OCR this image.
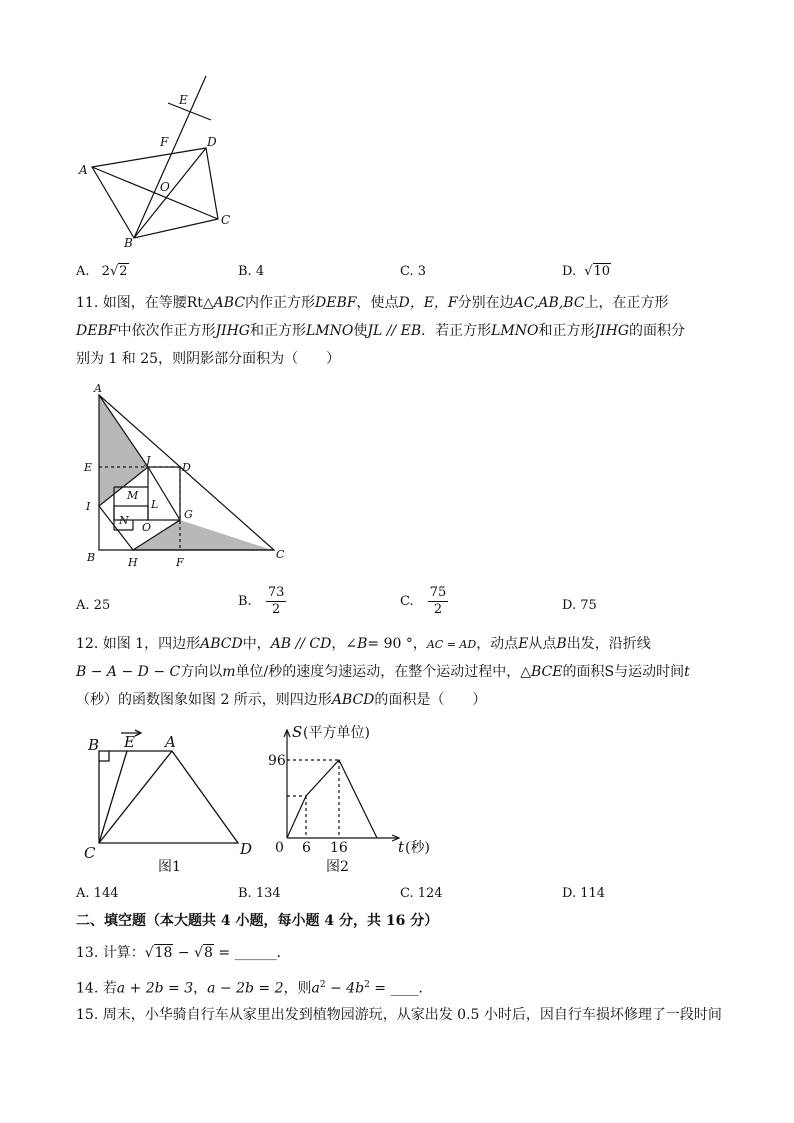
E
F	D
A
O
C
B
A. 2√2	B. 4	C. 3	D. √10
11. 如图，在等腰Rt△ABC内作正方形DEBF，使点D，E，F分别在边AC,AB,BC上，在正方形
DEBF中依次作正方形JIHG和正方形LMNO使JL // EB．若正方形LMNO和正方形JIHG的面积分
别为 1 和 25，则阴影部分面积为（　　）
A
E
J
D
I
M
L
N
O
G
B	H	F
C
A. 25	B. $\frac{73}{2}$	C. $\frac{75}{2}$	D. 75
12. 如图 1，四边形ABCD中，AB // CD，∠B= 90 °，AC = AD，动点E从点B出发，沿折线
B − A − D − C方向以m单位/秒的速度匀速运动，在整个运动过程中，△BCE的面积S与运动时间t
（秒）的函数图象如图 2 所示，则四边形ABCD的面积是（　　）
B E A
C	D
图1
S (平方单位)
96
0 6 16	t (秒)
图2
A. 144	B. 134	C. 124	D. 114
二、填空题（本大题共 4 小题，每小题 4 分，共 16 分）
13. 计算：√18 − √8 = ______．
14. 若a + 2b = 3，a − 2b = 2，则$a^2 - 4b^2$ = ____．
15. 周末，小华骑自行车从家里出发到植物园游玩，从家出发 0.5 小时后，因自行车损坏修理了一段时间
